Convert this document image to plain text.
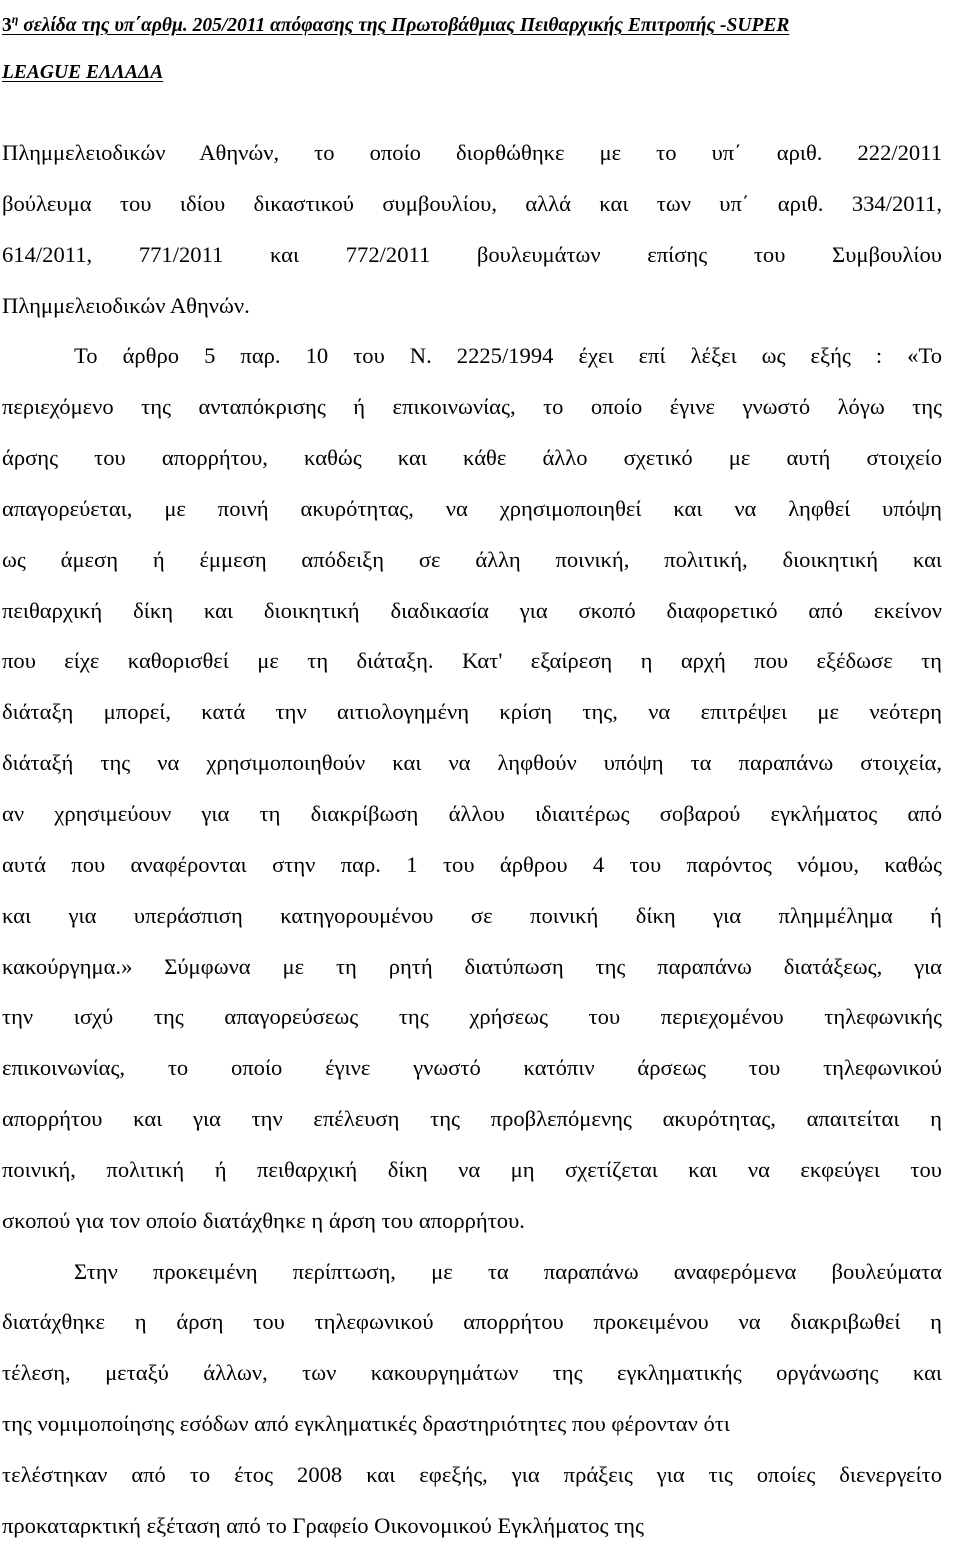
$3^\eta$ σελίδα της υπ΄αρθμ. 205/2011 απόφασης της Πρωτοβάθμιας Πειθαρχικής Επιτροπής -SUPER
LEAGUE ΕΛΛΑΔΑ
Πλημμελειοδικών Αθηνών, το οποίο διορθώθηκε με το υπ΄ αριθ. 222/2011
βούλευμα του ιδίου δικαστικού συμβουλίου, αλλά και των υπ΄ αριθ. 334/2011,
614/2011, 771/2011 και 772/2011 βουλευμάτων επίσης του Συμβουλίου
Πλημμελειοδικών Αθηνών.
Το άρθρο 5 παρ. 10 του Ν. 2225/1994 έχει επί λέξει ως εξής : «Το
περιεχόμενο της ανταπόκρισης ή επικοινωνίας, το οποίο έγινε γνωστό λόγω της
άρσης του απορρήτου, καθώς και κάθε άλλο σχετικό με αυτή στοιχείο
απαγορεύεται, με ποινή ακυρότητας, να χρησιμοποιηθεί και να ληφθεί υπόψη
ως άμεση ή έμμεση απόδειξη σε άλλη ποινική, πολιτική, διοικητική και
πειθαρχική δίκη και διοικητική διαδικασία για σκοπό διαφορετικό από εκείνον
που είχε καθορισθεί με τη διάταξη. Κατ' εξαίρεση η αρχή που εξέδωσε τη
διάταξη μπορεί, κατά την αιτιολογημένη κρίση της, να επιτρέψει με νεότερη
διάταξή της να χρησιμοποιηθούν και να ληφθούν υπόψη τα παραπάνω στοιχεία,
αν χρησιμεύουν για τη διακρίβωση άλλου ιδιαιτέρως σοβαρού εγκλήματος από
αυτά που αναφέρονται στην παρ. 1 του άρθρου 4 του παρόντος νόμου, καθώς
και για υπεράσπιση κατηγορουμένου σε ποινική δίκη για πλημμέλημα ή
κακούργημα.» Σύμφωνα με τη ρητή διατύπωση της παραπάνω διατάξεως, για
την ισχύ της απαγορεύσεως της χρήσεως του περιεχομένου τηλεφωνικής
επικοινωνίας, το οποίο έγινε γνωστό κατόπιν άρσεως του τηλεφωνικού
απορρήτου και για την επέλευση της προβλεπόμενης ακυρότητας, απαιτείται η
ποινική, πολιτική ή πειθαρχική δίκη να μη σχετίζεται και να εκφεύγει του
σκοπού για τον οποίο διατάχθηκε η άρση του απορρήτου.
Στην προκειμένη περίπτωση, με τα παραπάνω αναφερόμενα βουλεύματα
διατάχθηκε η άρση του τηλεφωνικού απορρήτου προκειμένου να διακριβωθεί η
τέλεση, μεταξύ άλλων, των κακουργημάτων της εγκληματικής οργάνωσης και
της νομιμοποίησης εσόδων από εγκληματικές δραστηριότητες που φέρονταν ότι
τελέστηκαν από το έτος 2008 και εφεξής, για πράξεις για τις οποίες διενεργείτο
προκαταρκτική εξέταση από το Γραφείο Οικονομικού Εγκλήματος της
